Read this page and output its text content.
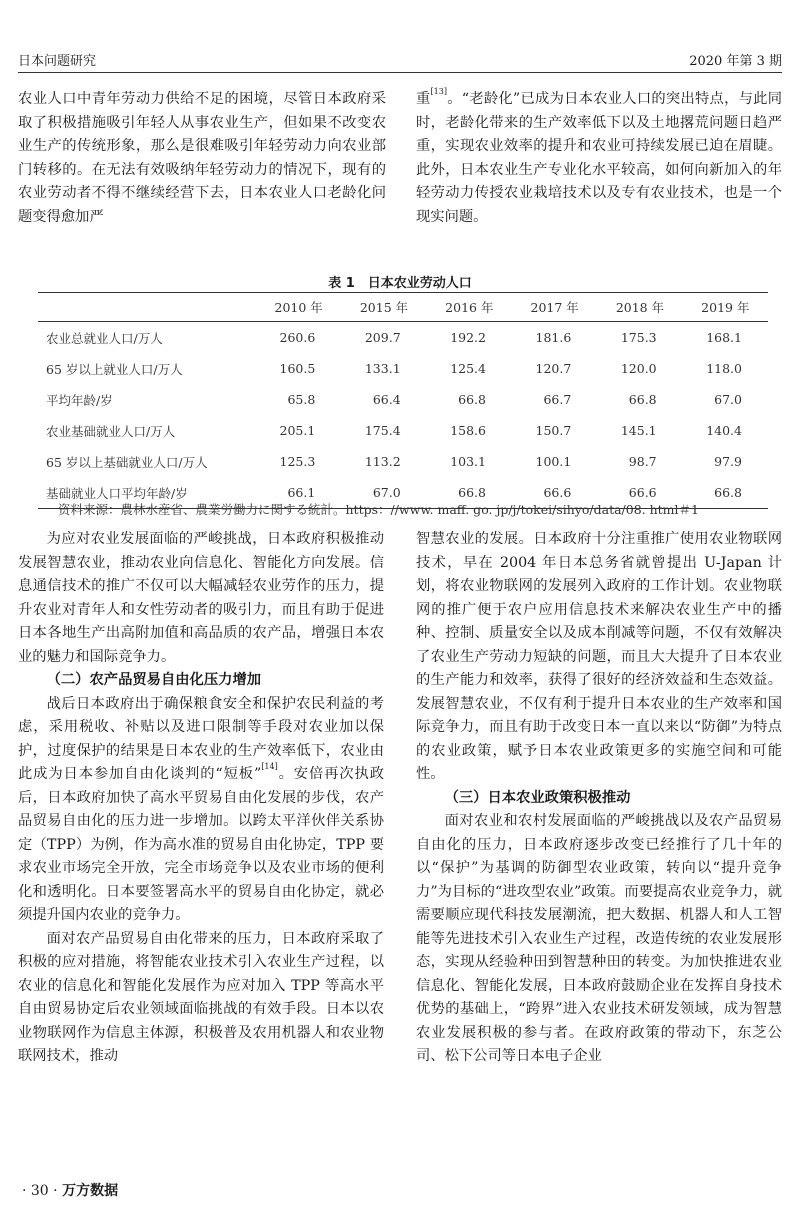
日本问题研究	2020 年第 3 期

农业人口中青年劳动力供给不足的困境，尽管日本政府采取了积极措施吸引年轻人从事农业生产，但如果不改变农业生产的传统形象，那么是很难吸引年轻劳动力向农业部门转移的。在无法有效吸纳年轻劳动力的情况下，现有的农业劳动者不得不继续经营下去，日本农业人口老龄化问题变得愈加严

重[13]。“老龄化”已成为日本农业人口的突出特点，与此同时，老龄化带来的生产效率低下以及土地撂荒问题日趋严重，实现农业效率的提升和农业可持续发展已迫在眉睫。此外，日本农业生产专业化水平较高，如何向新加入的年轻劳动力传授农业栽培技术以及专有农业技术，也是一个现实问题。

表 1　日本农业劳动人口
	2010 年	2015 年	2016 年	2017 年	2018 年	2019 年
农业总就业人口/万人	260.6	209.7	192.2	181.6	175.3	168.1
65 岁以上就业人口/万人	160.5	133.1	125.4	120.7	120.0	118.0
平均年龄/岁	65.8	66.4	66.8	66.7	66.8	67.0
农业基础就业人口/万人	205.1	175.4	158.6	150.7	145.1	140.4
65 岁以上基础就业人口/万人	125.3	113.2	103.1	100.1	98.7	97.9
基础就业人口平均年龄/岁	66.1	67.0	66.8	66.6	66.6	66.8
资料来源：農林水産省、農業労働力に関する統計。https：//www. maff. go. jp/j/tokei/sihyo/data/08. html＃1

为应对农业发展面临的严峻挑战，日本政府积极推动发展智慧农业，推动农业向信息化、智能化方向发展。信息通信技术的推广不仅可以大幅减轻农业劳作的压力，提升农业对青年人和女性劳动者的吸引力，而且有助于促进日本各地生产出高附加值和高品质的农产品，增强日本农业的魅力和国际竞争力。

（二）农产品贸易自由化压力增加

战后日本政府出于确保粮食安全和保护农民利益的考虑，采用税收、补贴以及进口限制等手段对农业加以保护，过度保护的结果是日本农业的生产效率低下，农业由此成为日本参加自由化谈判的“短板”[14]。安倍再次执政后，日本政府加快了高水平贸易自由化发展的步伐，农产品贸易自由化的压力进一步增加。以跨太平洋伙伴关系协定（TPP）为例，作为高水准的贸易自由化协定，TPP 要求农业市场完全开放，完全市场竞争以及农业市场的便利化和透明化。日本要签署高水平的贸易自由化协定，就必须提升国内农业的竞争力。

面对农产品贸易自由化带来的压力，日本政府采取了积极的应对措施，将智能农业技术引入农业生产过程，以农业的信息化和智能化发展作为应对加入 TPP 等高水平自由贸易协定后农业领域面临挑战的有效手段。日本以农业物联网作为信息主体源，积极普及农用机器人和农业物联网技术，推动

智慧农业的发展。日本政府十分注重推广使用农业物联网技术，早在 2004 年日本总务省就曾提出 U-Japan 计划，将农业物联网的发展列入政府的工作计划。农业物联网的推广便于农户应用信息技术来解决农业生产中的播种、控制、质量安全以及成本削减等问题，不仅有效解决了农业生产劳动力短缺的问题，而且大大提升了日本农业的生产能力和效率，获得了很好的经济效益和生态效益。发展智慧农业，不仅有利于提升日本农业的生产效率和国际竞争力，而且有助于改变日本一直以来以“防御”为特点的农业政策，赋予日本农业政策更多的实施空间和可能性。

（三）日本农业政策积极推动

面对农业和农村发展面临的严峻挑战以及农产品贸易自由化的压力，日本政府逐步改变已经推行了几十年的以“保护”为基调的防御型农业政策，转向以“提升竞争力”为目标的“进攻型农业”政策。而要提高农业竞争力，就需要顺应现代科技发展潮流，把大数据、机器人和人工智能等先进技术引入农业生产过程，改造传统的农业发展形态，实现从经验种田到智慧种田的转变。为加快推进农业信息化、智能化发展，日本政府鼓励企业在发挥自身技术优势的基础上，“跨界”进入农业技术研发领域，成为智慧农业发展积极的参与者。在政府政策的带动下，东芝公司、松下公司等日本电子企业

· 30 · 万方数据
